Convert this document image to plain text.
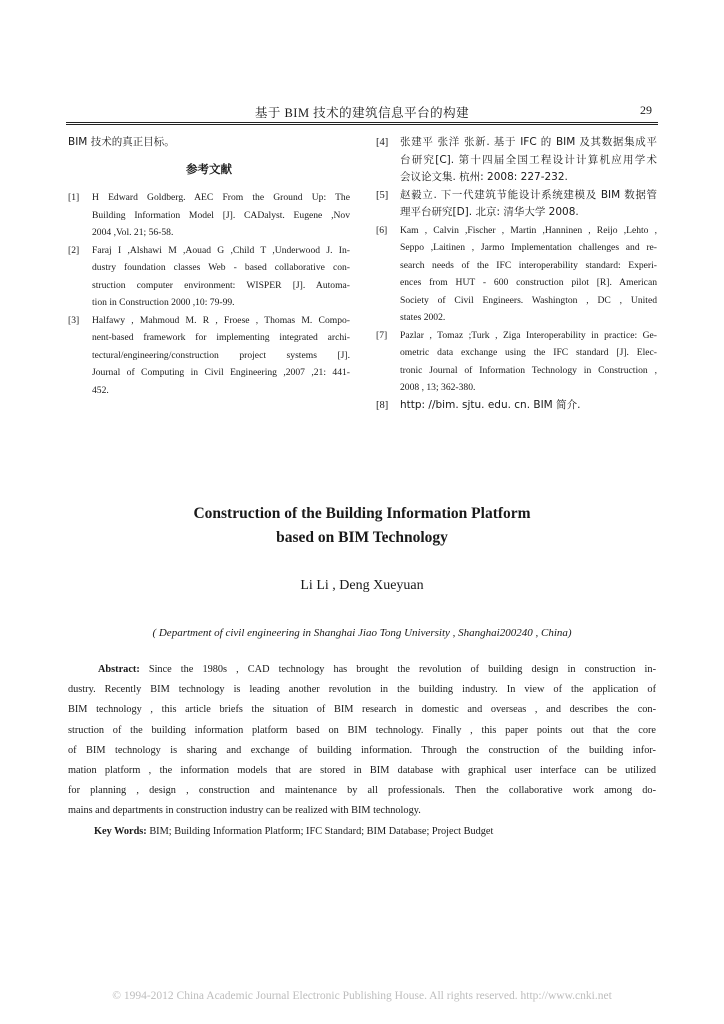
基于 BIM 技术的建筑信息平台的构建	29
BIM 技术的真正目标。
参考文献
[1]	H Edward Goldberg. AEC From the Ground Up: The
Building Information Model [J]. CADalyst. Eugene ,Nov
2004 ,Vol. 21; 56-58.
[2]	Faraj I ,Alshawi M ,Aouad G ,Child T ,Underwood J. In-
dustry foundation classes Web - based collaborative con-
struction computer environment: WISPER [J]. Automa-
tion in Construction 2000 ,10: 79-99.
[3]	Halfawy , Mahmoud M. R , Froese , Thomas M. Compo-
nent-based framework for implementing integrated archi-
tectural/engineering/construction project systems [J].
Journal of Computing in Civil Engineering ,2007 ,21: 441-
452.
[4]	张建平 张洋 张新. 基于 IFC 的 BIM 及其数据集成平
台研究[C]. 第十四届全国工程设计计算机应用学术
会议论文集. 杭州: 2008: 227-232.
[5]	赵毅立. 下一代建筑节能设计系统建模及 BIM 数据管
理平台研究[D]. 北京: 清华大学 2008.
[6]	Kam , Calvin ,Fischer , Martin ,Hanninen , Reijo ,Lehto ,
Seppo ,Laitinen , Jarmo Implementation challenges and re-
search needs of the IFC interoperability standard: Experi-
ences from HUT - 600 construction pilot [R]. American
Society of Civil Engineers. Washington , DC , United
states 2002.
[7]	Pazlar , Tomaz ;Turk , Ziga Interoperability in practice: Ge-
ometric data exchange using the IFC standard [J]. Elec-
tronic Journal of Information Technology in Construction ,
2008 , 13; 362-380.
[8]	http: //bim. sjtu. edu. cn. BIM 简介.
Construction of the Building Information Platform
based on BIM Technology
Li Li , Deng Xueyuan
( Department of civil engineering in Shanghai Jiao Tong University , Shanghai200240 , China)
Abstract: Since the 1980s , CAD technology has brought the revolution of building design in construction in-
dustry. Recently BIM technology is leading another revolution in the building industry. In view of the application of
BIM technology , this article briefs the situation of BIM research in domestic and overseas , and describes the con-
struction of the building information platform based on BIM technology. Finally , this paper points out that the core
of BIM technology is sharing and exchange of building information. Through the construction of the building infor-
mation platform , the information models that are stored in BIM database with graphical user interface can be utilized
for planning , design , construction and maintenance by all professionals. Then the collaborative work among do-
mains and departments in construction industry can be realized with BIM technology.
Key Words: BIM; Building Information Platform; IFC Standard; BIM Database; Project Budget
© 1994-2012 China Academic Journal Electronic Publishing House. All rights reserved. http://www.cnki.net
